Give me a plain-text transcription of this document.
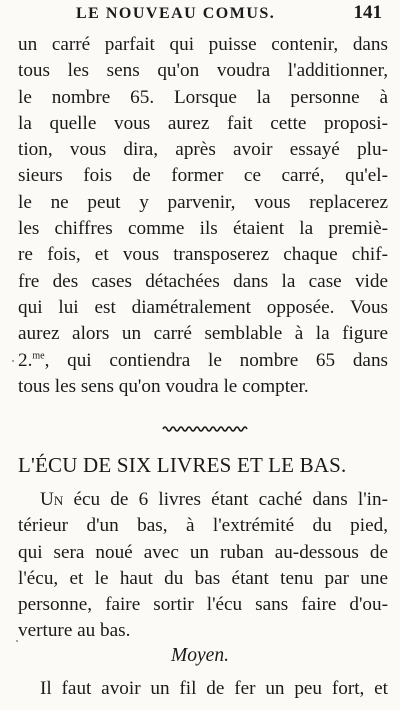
LE NOUVEAU COMUS.	141
un carré parfait qui puisse contenir, dans
tous les sens qu'on voudra l'additionner,
le nombre 65. Lorsque la personne à
la quelle vous aurez fait cette proposi-
tion, vous dira, après avoir essayé plu-
sieurs fois de former ce carré, qu'el-
le ne peut y parvenir, vous replacerez
les chiffres comme ils étaient la premiè-
re fois, et vous transposerez chaque chif-
fre des cases détachées dans la case vide
qui lui est diamétralement opposée. Vous
aurez alors un carré semblable à la figure
2.$^{me}$, qui contiendra le nombre 65 dans
tous les sens qu'on voudra le compter.
L'ÉCU DE SIX LIVRES ET LE BAS.
Un écu de 6 livres étant caché dans l'in-
térieur d'un bas, à l'extrémité du pied,
qui sera noué avec un ruban au-dessous de
l'écu, et le haut du bas étant tenu par une
personne, faire sortir l'écu sans faire d'ou-
verture au bas.
Moyen.
Il faut avoir un fil de fer un peu fort, et
